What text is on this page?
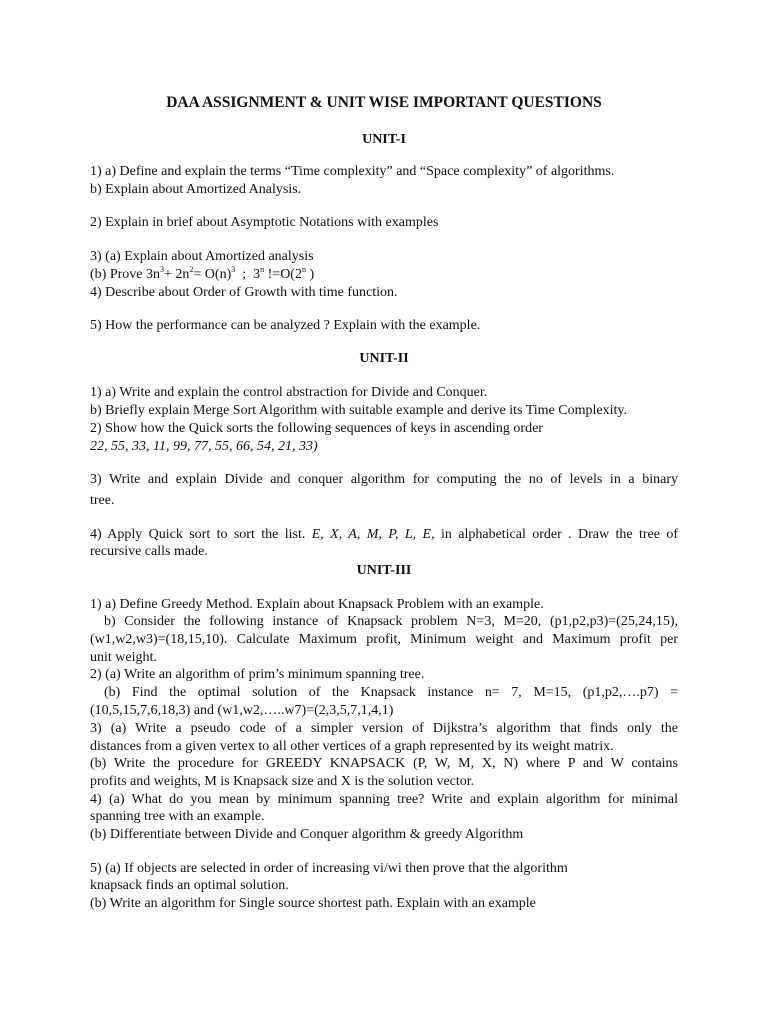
DAA ASSIGNMENT & UNIT WISE IMPORTANT QUESTIONS
UNIT-I
1) a) Define and explain the terms “Time complexity” and “Space complexity” of algorithms.
b) Explain about Amortized Analysis.
2) Explain in brief about Asymptotic Notations with examples
3) (a) Explain about Amortized analysis
(b) Prove $3n^3+ 2n^2= O(n)^3$  ;  3$^n$ $!=O(2^n$ )
4) Describe about Order of Growth with time function.
5) How the performance can be analyzed ? Explain with the example.
UNIT-II
1) a) Write and explain the control abstraction for Divide and Conquer.
b) Briefly explain Merge Sort Algorithm with suitable example and derive its Time Complexity.
2) Show how the Quick sorts the following sequences of keys in ascending order
22, 55, 33, 11, 99, 77, 55, 66, 54, 21, 33)
3) Write and explain Divide and conquer algorithm for computing the no of levels in a binary
tree.
4) Apply Quick sort to sort the list. E, X, A, M, P, L, E, in alphabetical order . Draw the tree of
recursive calls made.
UNIT-III
1) a) Define Greedy Method. Explain about Knapsack Problem with an example.
b) Consider the following instance of Knapsack problem N=3, M=20, (p1,p2,p3)=(25,24,15),
(w1,w2,w3)=(18,15,10). Calculate Maximum profit, Minimum weight and Maximum profit per
unit weight.
2) (a) Write an algorithm of prim’s minimum spanning tree.
(b) Find the optimal solution of the Knapsack instance n= 7, M=15, (p1,p2,….p7) =
(10,5,15,7,6,18,3) and (w1,w2,…..w7)=(2,3,5,7,1,4,1)
3) (a) Write a pseudo code of a simpler version of Dijkstra’s algorithm that finds only the
distances from a given vertex to all other vertices of a graph represented by its weight matrix.
(b) Write the procedure for GREEDY KNAPSACK (P, W, M, X, N) where P and W contains
profits and weights, M is Knapsack size and X is the solution vector.
4) (a) What do you mean by minimum spanning tree? Write and explain algorithm for minimal
spanning tree with an example.
(b) Differentiate between Divide and Conquer algorithm & greedy Algorithm
5) (a) If objects are selected in order of increasing vi/wi then prove that the algorithm
knapsack finds an optimal solution.
(b) Write an algorithm for Single source shortest path. Explain with an example
